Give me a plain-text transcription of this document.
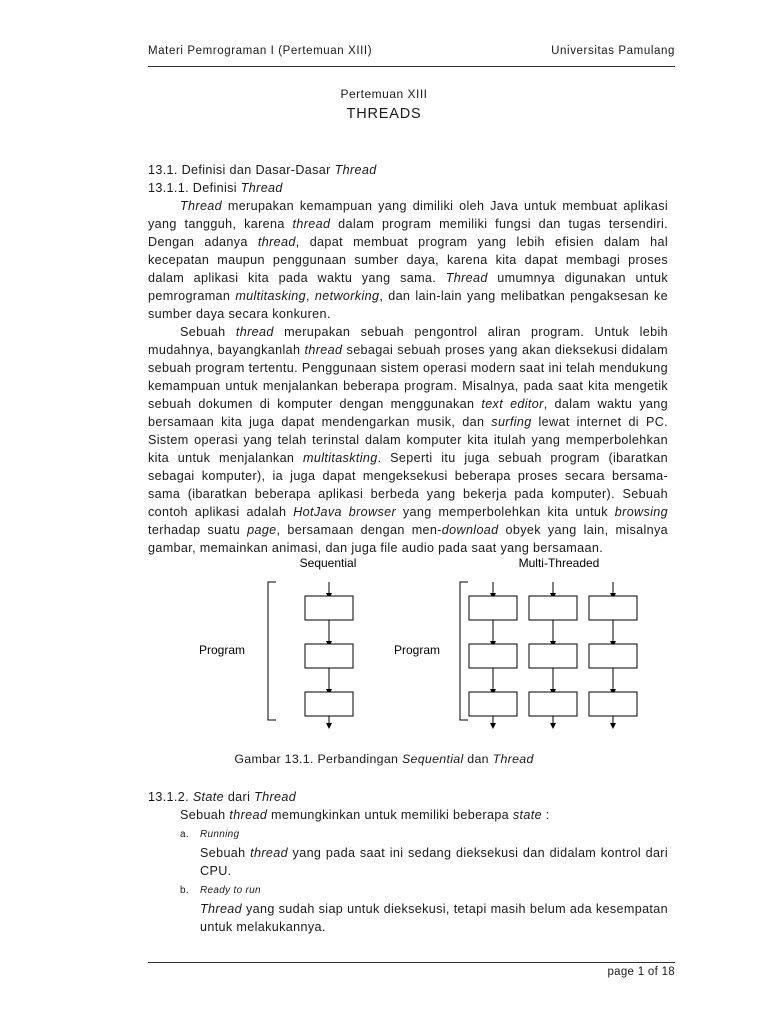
Materi Pemrograman I (Pertemuan XIII)	Universitas Pamulang
Pertemuan XIII
THREADS

13.1. Definisi dan Dasar-Dasar Thread

13.1.1. Definisi Thread

Thread merupakan kemampuan yang dimiliki oleh Java untuk membuat aplikasi yang tangguh, karena thread dalam program memiliki fungsi dan tugas tersendiri. Dengan adanya thread, dapat membuat program yang lebih efisien dalam hal kecepatan maupun penggunaan sumber daya, karena kita dapat membagi proses dalam aplikasi kita pada waktu yang sama. Thread umumnya digunakan untuk pemrograman multitasking, networking, dan lain-lain yang melibatkan pengaksesan ke sumber daya secara konkuren.

Sebuah thread merupakan sebuah pengontrol aliran program. Untuk lebih mudahnya, bayangkanlah thread sebagai sebuah proses yang akan dieksekusi didalam sebuah program tertentu. Penggunaan sistem operasi modern saat ini telah mendukung kemampuan untuk menjalankan beberapa program. Misalnya, pada saat kita mengetik sebuah dokumen di komputer dengan menggunakan text editor, dalam waktu yang bersamaan kita juga dapat mendengarkan musik, dan surfing lewat internet di PC. Sistem operasi yang telah terinstal dalam komputer kita itulah yang memperbolehkan kita untuk menjalankan multitaskting. Seperti itu juga sebuah program (ibaratkan sebagai komputer), ia juga dapat mengeksekusi beberapa proses secara bersama-sama (ibaratkan beberapa aplikasi berbeda yang bekerja pada komputer). Sebuah contoh aplikasi adalah HotJava browser yang memperbolehkan kita untuk browsing terhadap suatu page, bersamaan dengan men-download obyek yang lain, misalnya gambar, memainkan animasi, dan juga file audio pada saat yang bersamaan.

Sequential	Multi-Threaded
Program	Program
Gambar 13.1. Perbandingan Sequential dan Thread
13.1.2. State dari Thread
Sebuah thread memungkinkan untuk memiliki beberapa state :
a.	Running
Sebuah thread yang pada saat ini sedang dieksekusi dan didalam kontrol dari CPU.
b.	Ready to run
Thread yang sudah siap untuk dieksekusi, tetapi masih belum ada kesempatan untuk melakukannya.
page 1 of 18
